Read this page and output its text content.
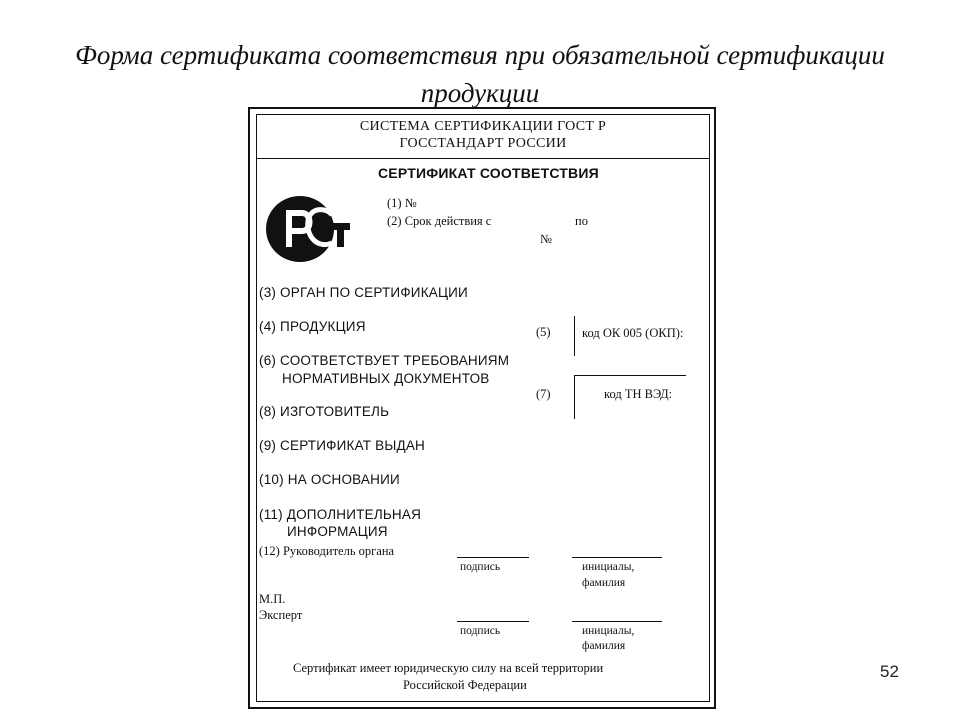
Форма сертификата соответствия при обязательной сертификации продукции
СИСТЕМА СЕРТИФИКАЦИИ ГОСТ Р
ГОССТАНДАРТ РОССИИ
СЕРТИФИКАТ СООТВЕТСТВИЯ
(1) №
(2) Срок действия с	по
№
(3) ОРГАН ПО СЕРТИФИКАЦИИ
(4) ПРОДУКЦИЯ	(5)	код ОК 005 (ОКП):
(6) СООТВЕТСТВУЕТ ТРЕБОВАНИЯМ
НОРМАТИВНЫХ ДОКУМЕНТОВ
(7)	код ТН ВЭД:
(8) ИЗГОТОВИТЕЛЬ
(9) СЕРТИФИКАТ ВЫДАН
(10) НА ОСНОВАНИИ
(11) ДОПОЛНИТЕЛЬНАЯ
ИНФОРМАЦИЯ
(12) Руководитель органа
подпись	инициалы,
фамилия
М.П.
Эксперт
подпись	инициалы,
фамилия
Сертификат имеет юридическую силу на всей территории
Российской Федерации
52
